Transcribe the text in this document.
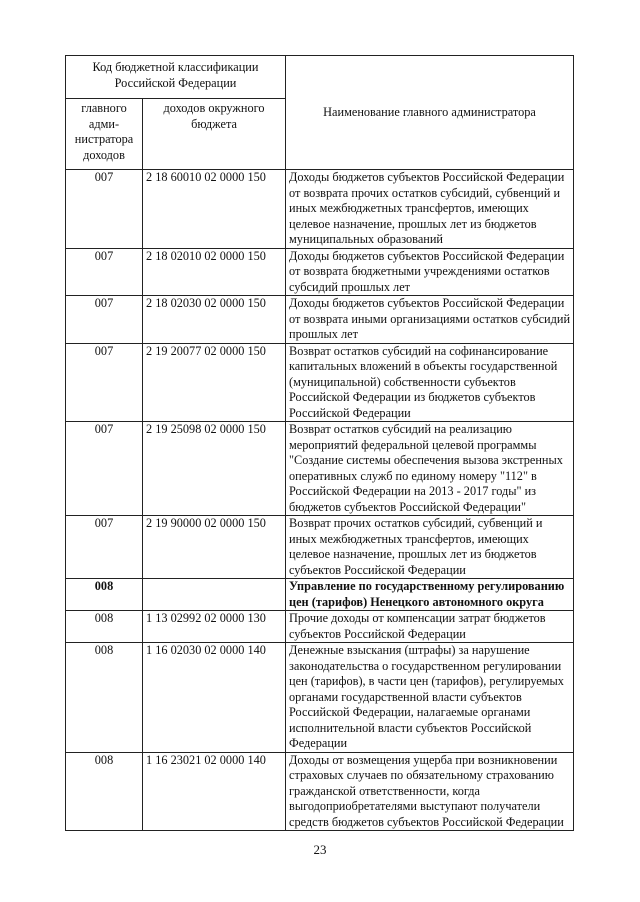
Код бюджетной классификации Российской Федерации		Наименование главного администратора
главного адми-нистратора доходов	доходов окружного бюджета	
007	2 18 60010 02 0000 150	Доходы бюджетов субъектов Российской Федерации от возврата прочих остатков субсидий, субвенций и иных межбюджетных трансфертов, имеющих целевое назначение, прошлых лет из бюджетов муниципальных образований
007	2 18 02010 02 0000 150	Доходы бюджетов субъектов Российской Федерации от возврата бюджетными учреждениями остатков субсидий прошлых лет
007	2 18 02030 02 0000 150	Доходы бюджетов субъектов Российской Федерации от возврата иными организациями остатков субсидий прошлых лет
007	2 19 20077 02 0000 150	Возврат остатков субсидий на софинансирование капитальных вложений в объекты государственной (муниципальной) собственности субъектов Российской Федерации из бюджетов субъектов Российской Федерации
007	2 19 25098 02 0000 150	Возврат остатков субсидий на реализацию мероприятий федеральной целевой программы "Создание системы обеспечения вызова экстренных оперативных служб по единому номеру "112" в Российской Федерации на 2013 - 2017 годы" из бюджетов субъектов Российской Федерации"
007	2 19 90000 02 0000 150	Возврат прочих остатков субсидий, субвенций и иных межбюджетных трансфертов, имеющих целевое назначение, прошлых лет из бюджетов субъектов Российской Федерации
008		Управление по государственному регулированию цен (тарифов) Ненецкого автономного округа
008	1 13 02992 02 0000 130	Прочие доходы от компенсации затрат бюджетов субъектов Российской Федерации
008	1 16 02030 02 0000 140	Денежные взыскания (штрафы) за нарушение законодательства о государственном регулировании цен (тарифов), в части цен (тарифов), регулируемых органами государственной власти субъектов Российской Федерации, налагаемые органами исполнительной власти субъектов Российской Федерации
008	1 16 23021 02 0000 140	Доходы от возмещения ущерба при возникновении страховых случаев по обязательному страхованию гражданской ответственности, когда выгодоприобретателями выступают получатели средств бюджетов субъектов Российской Федерации
23
